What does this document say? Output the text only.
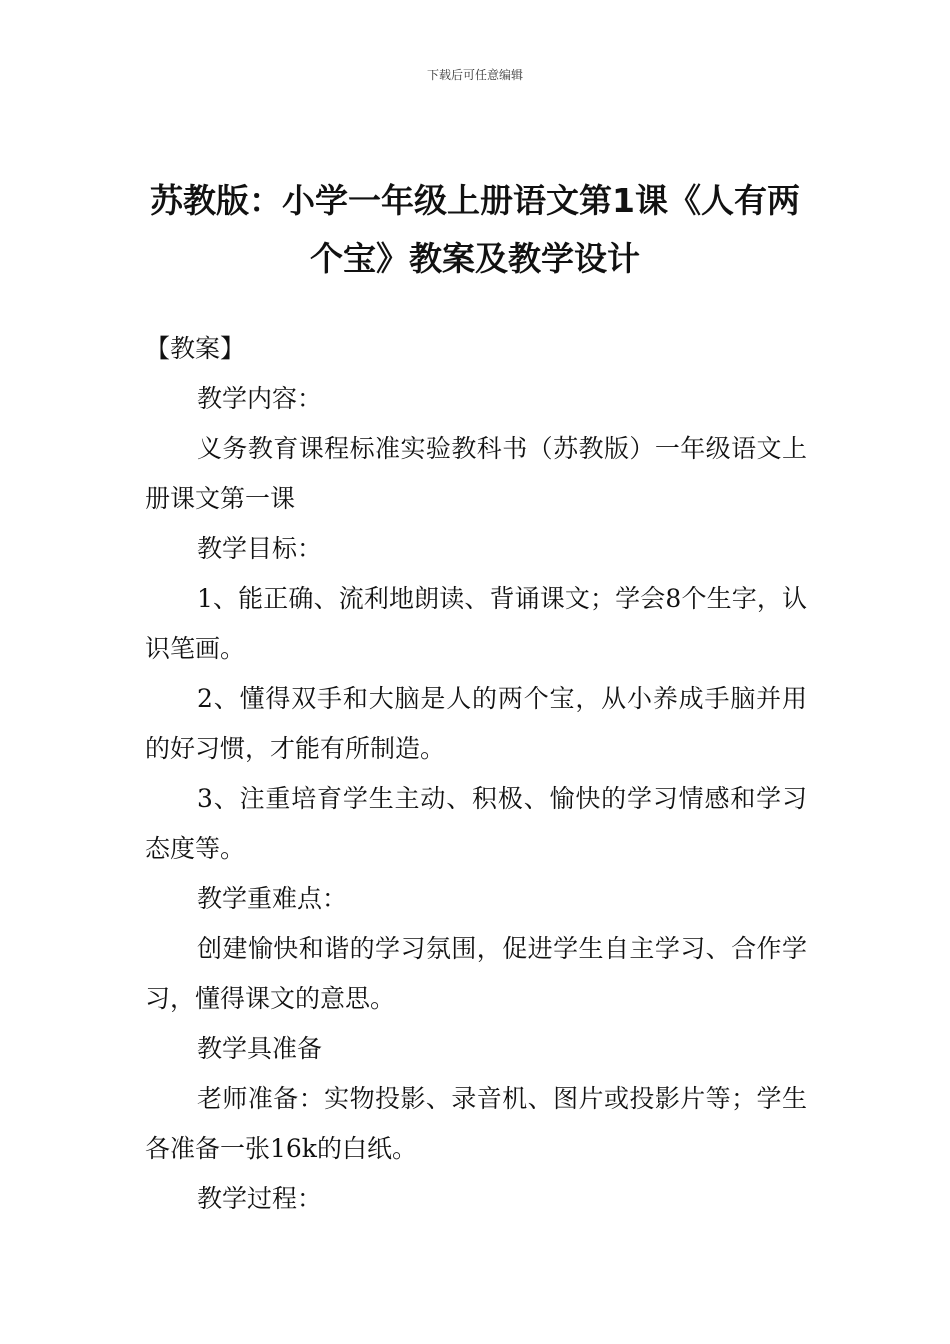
下载后可任意编辑
苏教版：小学一年级上册语文第1课《人有两个宝》教案及教学设计

【教案】

教学内容：

义务教育课程标准实验教科书（苏教版）一年级语文上册课文第一课

教学目标：

1、能正确、流利地朗读、背诵课文；学会8个生字，认识笔画。

2、懂得双手和大脑是人的两个宝，从小养成手脑并用的好习惯，才能有所制造。

3、注重培育学生主动、积极、愉快的学习情感和学习态度等。

教学重难点：

创建愉快和谐的学习氛围，促进学生自主学习、合作学习，懂得课文的意思。

教学具准备

老师准备：实物投影、录音机、图片或投影片等；学生各准备一张16k的白纸。

教学过程：
